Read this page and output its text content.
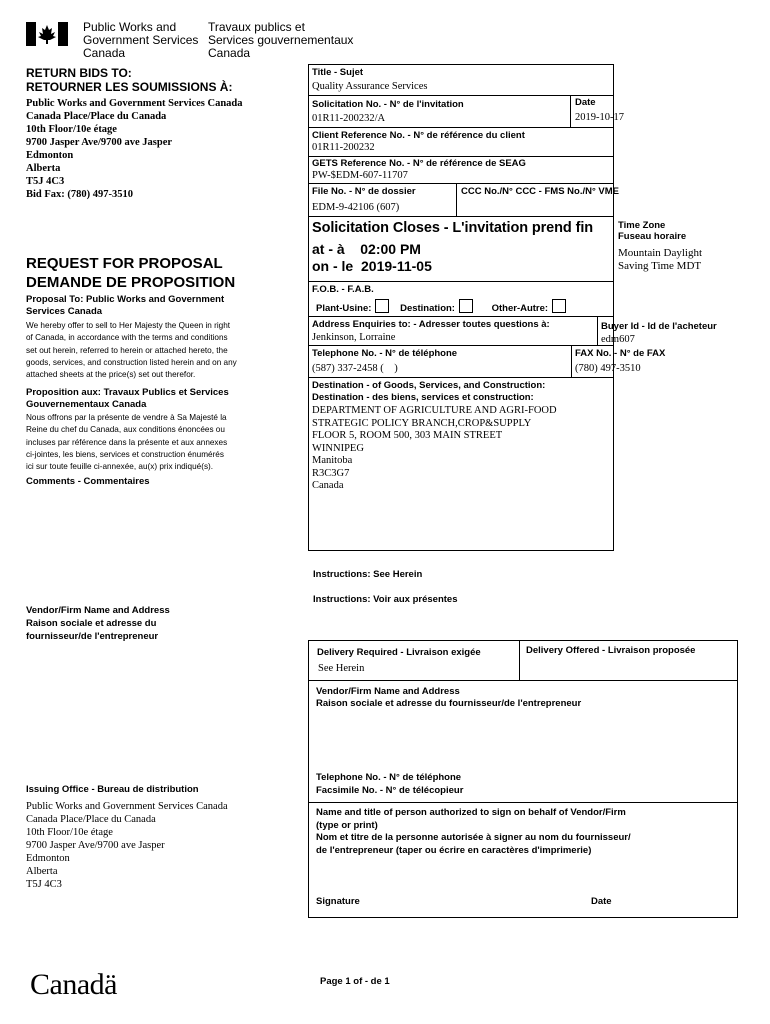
Public Works and
Government Services
Canada
Travaux publics et
Services gouvernementaux
Canada
RETURN BIDS TO:
RETOURNER LES SOUMISSIONS À:
Public Works and Government Services Canada
Canada Place/Place du Canada
10th Floor/10e étage
9700 Jasper Ave/9700 ave Jasper
Edmonton
Alberta
T5J 4C3
Bid Fax: (780) 497-3510
REQUEST FOR PROPOSAL
DEMANDE DE PROPOSITION
Proposal To: Public Works and Government Services Canada
We hereby offer to sell to Her Majesty the Queen in right
of Canada, in accordance with the terms and conditions
set out herein, referred to herein or attached hereto, the
goods, services, and construction listed herein and on any
attached sheets at the price(s) set out therefor.
Proposition aux: Travaux Publics et Services Gouvernementaux Canada
Nous offrons par la présente de vendre à Sa Majesté la
Reine du chef du Canada, aux conditions énoncées ou
incluses par référence dans la présente et aux annexes
ci-jointes, les biens, services et construction énumérés
ici sur toute feuille ci-annexée, au(x) prix indiqué(s).
Comments - Commentaires
Vendor/Firm Name and Address
Raison sociale et adresse du
fournisseur/de l'entrepreneur
Issuing Office - Bureau de distribution
Public Works and Government Services Canada
Canada Place/Place du Canada
10th Floor/10e étage
9700 Jasper Ave/9700 ave Jasper
Edmonton
Alberta
T5J 4C3
Title - Sujet
Quality Assurance Services
Solicitation No. - N° de l'invitation
01R11-200232/A
Date
2019-10-17
Client Reference No. - N° de référence du client
01R11-200232
GETS Reference No. - N° de référence de SEAG
PW-$EDM-607-11707
File No. - N° de dossier
EDM-9-42106 (607)
CCC No./N° CCC - FMS No./N° VME
Solicitation Closes - L'invitation prend fin
at - à 02:00 PM
on - le 2019-11-05
Time Zone
Fuseau horaire
Mountain Daylight
Saving Time MDT
F.O.B. - F.A.B.
Plant-Usine:	Destination:	Other-Autre:
Address Enquiries to: - Adresser toutes questions à:
Jenkinson, Lorraine
Buyer Id - Id de l'acheteur
edm607
Telephone No. - N° de téléphone
(587) 337-2458 (    )
FAX No. - N° de FAX
(780) 497-3510
Destination - of Goods, Services, and Construction:
Destination - des biens, services et construction:
DEPARTMENT OF AGRICULTURE AND AGRI-FOOD
STRATEGIC POLICY BRANCH,CROP&SUPPLY
FLOOR 5, ROOM 500, 303 MAIN STREET
WINNIPEG
Manitoba
R3C3G7
Canada
Instructions: See Herein
Instructions: Voir aux présentes
Delivery Required - Livraison exigée
See Herein
Delivery Offered - Livraison proposée
Vendor/Firm Name and Address
Raison sociale et adresse du fournisseur/de l'entrepreneur
Telephone No. - N° de téléphone
Facsimile No. - N° de télécopieur
Name and title of person authorized to sign on behalf of Vendor/Firm
(type or print)
Nom et titre de la personne autorisée à signer au nom du fournisseur/
de l'entrepreneur (taper ou écrire en caractères d'imprimerie)
Signature	Date
Canadä	Page 1 of - de 1
